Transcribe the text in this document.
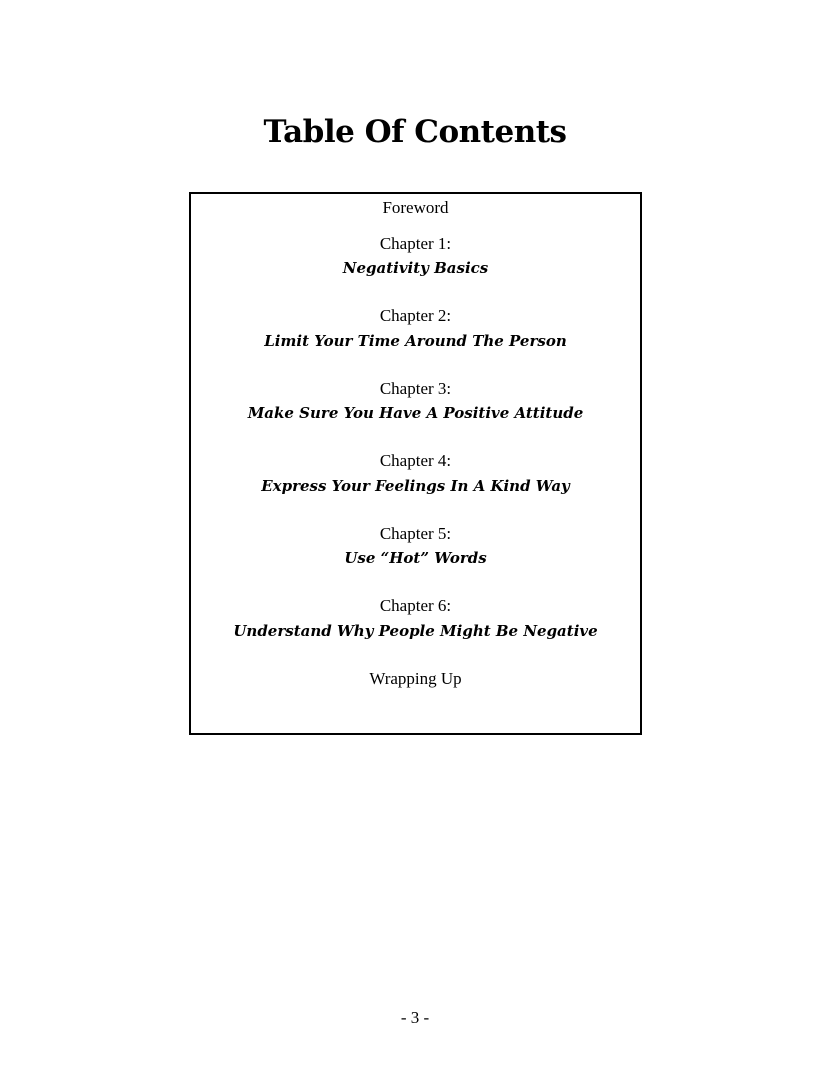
Table Of Contents
Foreword
Chapter 1:
Negativity Basics
Chapter 2:
Limit Your Time Around The Person
Chapter 3:
Make Sure You Have A Positive Attitude
Chapter 4:
Express Your Feelings In A Kind Way
Chapter 5:
Use “Hot” Words
Chapter 6:
Understand Why People Might Be Negative
Wrapping Up
- 3 -
